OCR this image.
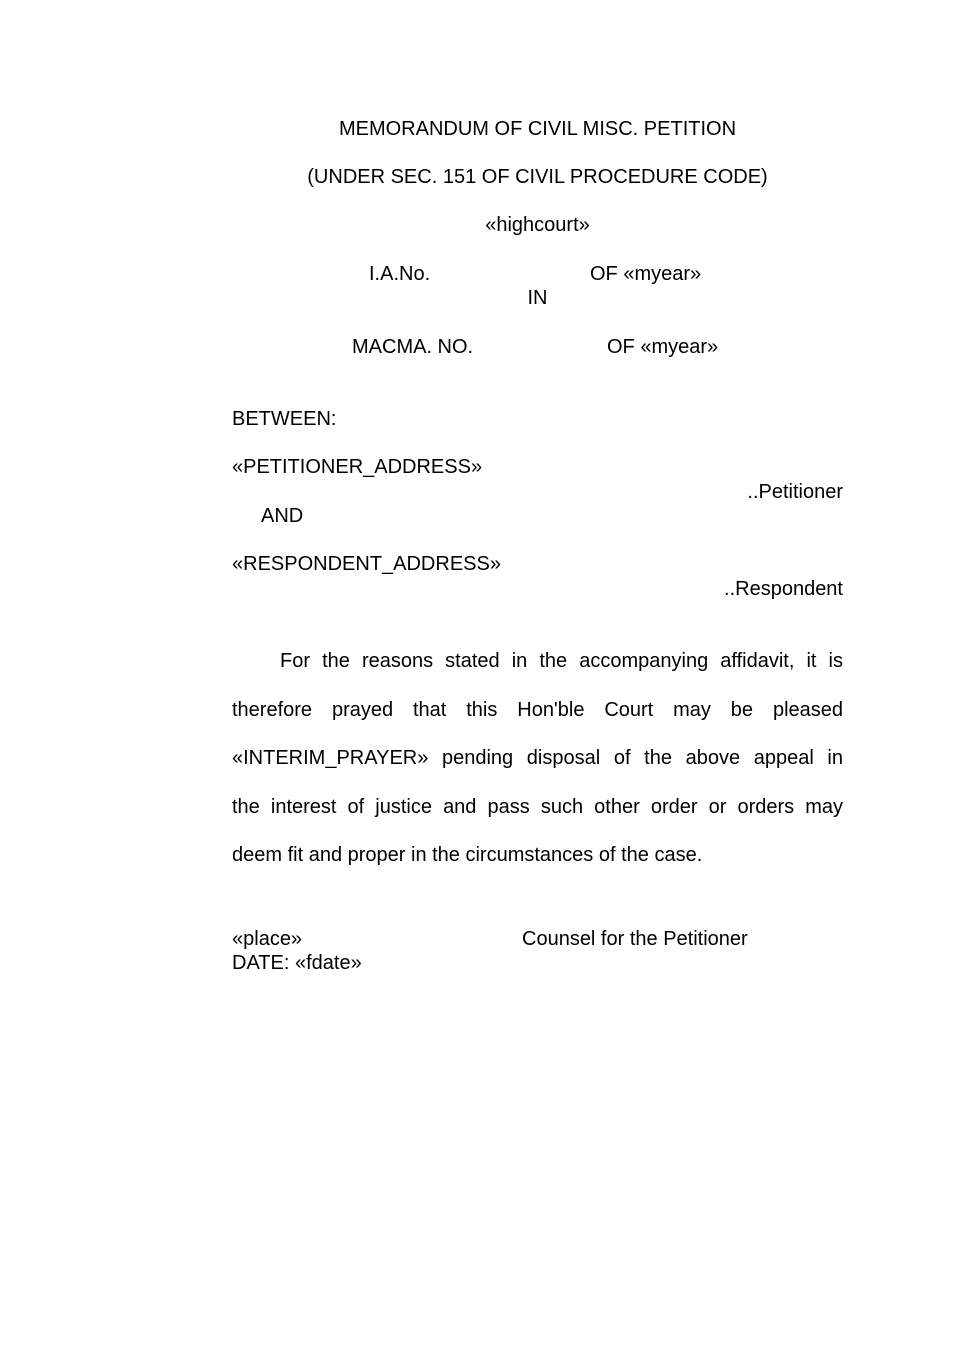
MEMORANDUM OF CIVIL MISC. PETITION
(UNDER SEC. 151 OF CIVIL PROCEDURE CODE)
«highcourt»
I.A.No.	OF «myear»
IN
MACMA. NO.	OF «myear»
BETWEEN:
«PETITIONER_ADDRESS»
..Petitioner
AND
«RESPONDENT_ADDRESS»
..Respondent
For the reasons stated in the accompanying affidavit, it is
therefore prayed that this Hon'ble Court may be pleased
«INTERIM_PRAYER» pending disposal of the above appeal in
the interest of justice and pass such other order or orders may
deem fit and proper in the circumstances of the case.
«place»	Counsel for the Petitioner
DATE: «fdate»
